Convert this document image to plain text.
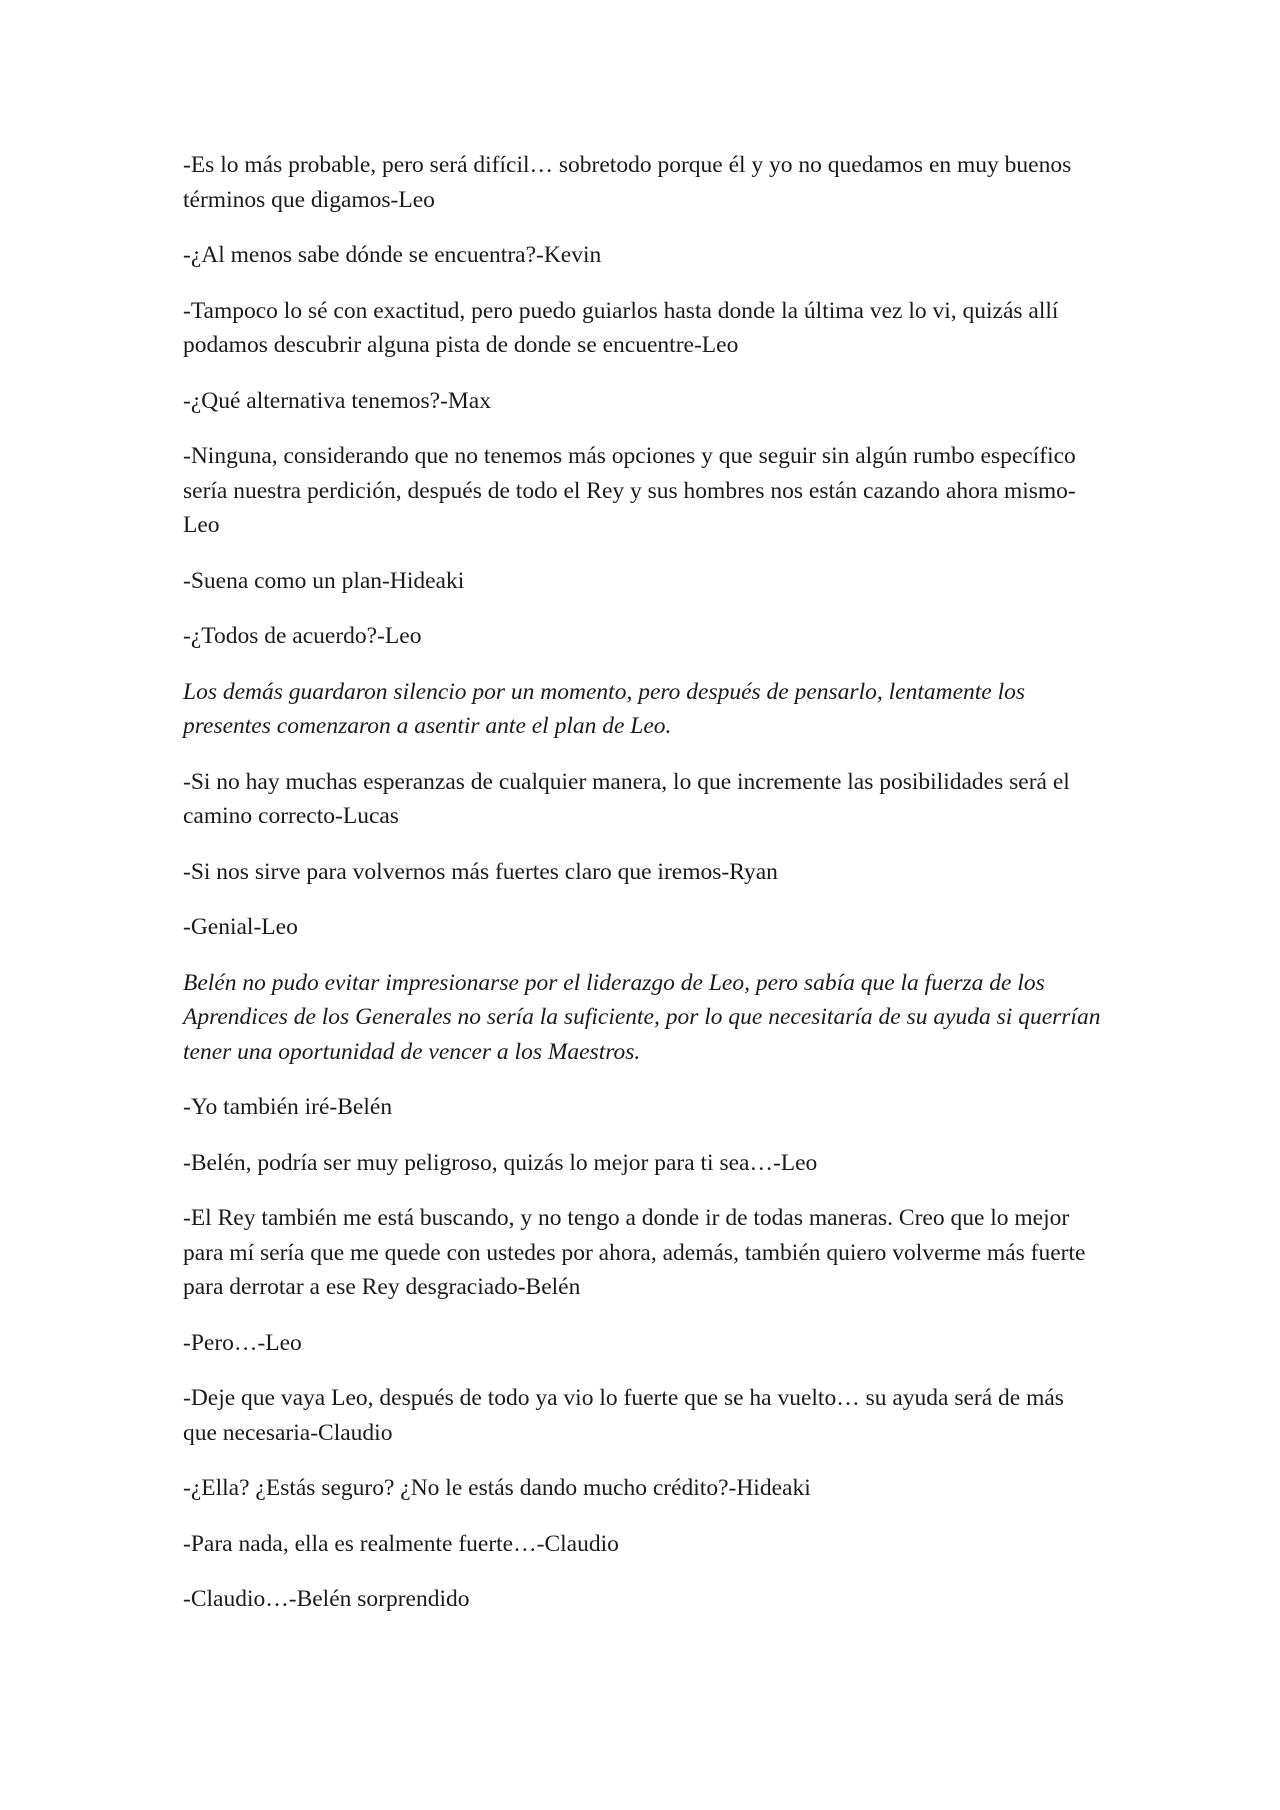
-Es lo más probable, pero será difícil… sobretodo porque él y yo no quedamos en muy buenos términos que digamos-Leo

-¿Al menos sabe dónde se encuentra?-Kevin

-Tampoco lo sé con exactitud, pero puedo guiarlos hasta donde la última vez lo vi, quizás allí podamos descubrir alguna pista de donde se encuentre-Leo

-¿Qué alternativa tenemos?-Max

-Ninguna, considerando que no tenemos más opciones y que seguir sin algún rumbo específico sería nuestra perdición, después de todo el Rey y sus hombres nos están cazando ahora mismo-Leo

-Suena como un plan-Hideaki

-¿Todos de acuerdo?-Leo

Los demás guardaron silencio por un momento, pero después de pensarlo, lentamente los presentes comenzaron a asentir ante el plan de Leo.

-Si no hay muchas esperanzas de cualquier manera, lo que incremente las posibilidades será el camino correcto-Lucas

-Si nos sirve para volvernos más fuertes claro que iremos-Ryan

-Genial-Leo

Belén no pudo evitar impresionarse por el liderazgo de Leo, pero sabía que la fuerza de los Aprendices de los Generales no sería la suficiente, por lo que necesitaría de su ayuda si querrían tener una oportunidad de vencer a los Maestros.

-Yo también iré-Belén

-Belén, podría ser muy peligroso, quizás lo mejor para ti sea…-Leo

-El Rey también me está buscando, y no tengo a donde ir de todas maneras. Creo que lo mejor para mí sería que me quede con ustedes por ahora, además, también quiero volverme más fuerte para derrotar a ese Rey desgraciado-Belén

-Pero…-Leo

-Deje que vaya Leo, después de todo ya vio lo fuerte que se ha vuelto… su ayuda será de más que necesaria-Claudio

-¿Ella? ¿Estás seguro? ¿No le estás dando mucho crédito?-Hideaki

-Para nada, ella es realmente fuerte…-Claudio

-Claudio…-Belén sorprendido
